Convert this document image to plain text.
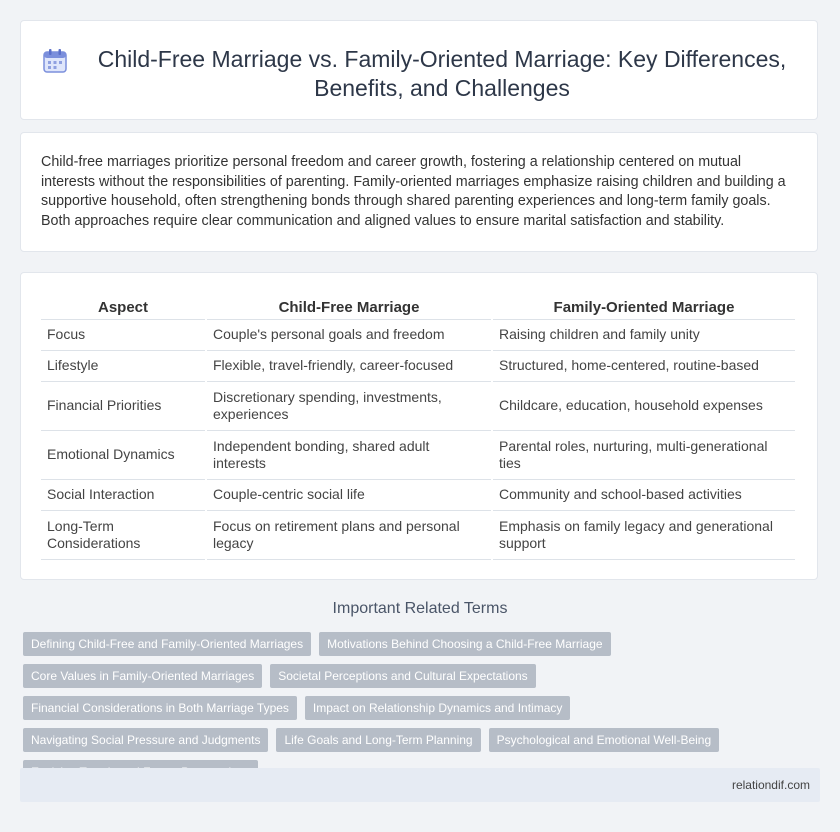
Child-Free Marriage vs. Family-Oriented Marriage: Key Differences, Benefits, and Challenges

Child-free marriages prioritize personal freedom and career growth, fostering a relationship centered on mutual interests without the responsibilities of parenting. Family-oriented marriages emphasize raising children and building a supportive household, often strengthening bonds through shared parenting experiences and long-term family goals. Both approaches require clear communication and aligned values to ensure marital satisfaction and stability.

Aspect	Child-Free Marriage	Family-Oriented Marriage
Focus	Couple's personal goals and freedom	Raising children and family unity
Lifestyle	Flexible, travel-friendly, career-focused	Structured, home-centered, routine-based
Financial Priorities	Discretionary spending, investments, experiences	Childcare, education, household expenses
Emotional Dynamics	Independent bonding, shared adult interests	Parental roles, nurturing, multi-generational ties
Social Interaction	Couple-centric social life	Community and school-based activities
Long-Term Considerations	Focus on retirement plans and personal legacy	Emphasis on family legacy and generational support
Important Related Terms
Defining Child-Free and Family-Oriented Marriages	Motivations Behind Choosing a Child-Free Marriage
Core Values in Family-Oriented Marriages	Societal Perceptions and Cultural Expectations
Financial Considerations in Both Marriage Types	Impact on Relationship Dynamics and Intimacy
Navigating Social Pressure and Judgments	Life Goals and Long-Term Planning	Psychological and Emotional Well-Being
relationdif.com
